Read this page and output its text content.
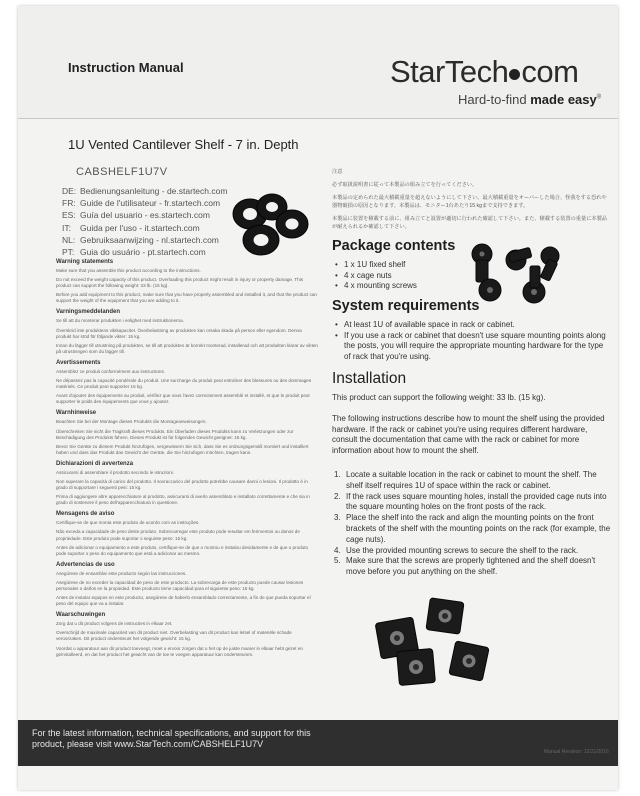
Instruction Manual	StarTech com
Hard-to-find made easy®
1U Vented Cantilever Shelf - 7 in. Depth
CABSHELF1U7V
DE: Bedienungsanleitung - de.startech.com
FR: Guide de l'utilisateur - fr.startech.com
ES: Guía del usuario - es.startech.com
IT: Guida per l'uso - it.startech.com
NL: Gebruiksaanwijzing - nl.startech.com
PT: Guia do usuário - pt.startech.com
Warning statements

Make sure that you assemble this product according to the instructions.

Do not exceed the weight capacity of this product. Overloading this product might result in injury or property damage. This product can support the following weight: 33 lb. (15 kg).

Before you add equipment to this product, make sure that you have properly assembled and installed it, and that the product can support the weight of the equipment that you are adding to it.

Varningsmeddelanden

Se till att du monterar produkten i enlighet med instruktionerna.

Överskrid inte produktens viktkapacitet. Överbelastning av produkten kan orsaka skada på person eller egendom. Denna produkt har stöd för följande vikter: 15 kg.

Innan du lägger till utrustning på produkten, se till att produkten är korrekt monterad, installerad och att produkten klarar av vikten på utrustningen som du lägger till.

Avertissements

Assemblez ce produit conformément aux instructions.

Ne dépassez pas la capacité pondérale du produit. Une surcharge du produit peut entraîner des blessures ou des dommages matériels. Ce produit peut supporter 15 kg.

Avant d'ajouter des équipements au produit, vérifiez que vous l'avez correctement assemblé et installé, et que le produit peut supporter le poids des équipements que vous y ajoutez.

Warnhinweise

Beachten Sie bei der Montage dieses Produkts die Montageanweisungen.

Überschreiten Sie nicht die Tragkraft dieses Produkts. Ein Überladen dieses Produkts kann zu Verletzungen oder zur Beschädigung des Produkts führen. Dieses Produkt ist für folgendes Gewicht geeignet: 15 kg.

Bevor Sie Geräte zu diesem Produkt hinzufügen, vergewissern Sie sich, dass Sie es ordnungsgemäß montiert und installiert haben und dass das Produkt das Gewicht der Geräte, die Sie hinzufügen möchten, tragen kann.

Dichiarazioni di avvertenza

Assicurarsi di assemblare il prodotto secondo le istruzioni.

Non superare la capacità di carico del prodotto. Il sovraccarico del prodotto potrebbe causare danni o lesioni. Il prodotto è in grado di supportare i seguenti pesi: 15 kg.

Prima di aggiungere altre apparecchiature al prodotto, assicurarsi di averlo assemblato e installato correttamente e che sia in grado di sostenere il peso dell'apparecchiatura in questione.

Mensagens de aviso

Certifique-se de que monta este produto de acordo com as instruções.

Não exceda a capacidade de peso deste produto. Sobrecarregar este produto pode resultar em ferimentos ou danos de propriedade. Este produto pode suportar o seguinte peso: 15 kg.

Antes de adicionar o equipamento a este produto, certifique-se de que o montou e instalou devidamente e de que o produto pode suportar o peso do equipamento que está a adicionar ao mesmo.

Advertencias de uso

Asegúrese de ensamblar este producto según las instrucciones.

Asegúrese de no exceder la capacidad de peso de este producto. La sobrecarga de este producto puede causar lesiones personales o daños en la propiedad. Este producto tiene capacidad para el siguiente peso: 15 kg.

Antes de instalar equipos en este producto, asegúrese de haberlo ensamblado correctamente, a fin de que pueda soportar el peso del equipo que va a instalar.

Waarschuwingen

Zorg dat u dit product volgens de instructies in elkaar zet.

Overschrijd de maximale capaciteit van dit product niet. Overbelasting van dit product kan letsel of materiële schade veroorzaken. Dit product ondersteunt het volgende gewicht: 15 kg.

Voordat u apparatuur aan dit product toevoegt, moet u ervoor zorgen dat u het op de juiste manier in elkaar hebt gezet en geïnstalleerd, en dat het product het gewicht van de toe te voegen apparatuur kan ondersteunen.

注意

必ず取扱説明書に従って本製品の組み立てを行ってください。

本製品の定められた最大積載重量を超えないようにして下さい。最大積載重量をオーバーした場合、怪我をする恐れや器物破損の原因となります。本製品は、モニター1台あたり15 kgまで支持できます。

本製品に装置を積載する前に、組み立てと設置が適切に行われた確認して下さい。また、積載する装置の重量に本製品が耐えられるか確認して下さい。

Package contents
• 1 x 1U fixed shelf
• 4 x cage nuts
• 4 x mounting screws
System requirements
• At least 1U of available space in rack or cabinet.
• If you use a rack or cabinet that doesn't use square mounting points along the posts, you will require the appropriate mounting hardware for the type of rack that you're using.
Installation

This product can support the following weight: 33 lb. (15 kg).

The following instructions describe how to mount the shelf using the provided hardware. If the rack or cabinet you're using requires different hardware, consult the documentation that came with the rack or cabinet for more information about how to mount the shelf.

1. Locate a suitable location in the rack or cabinet to mount the shelf. The shelf itself requires 1U of space within the rack or cabinet.
2. If the rack uses square mounting holes, install the provided cage nuts into the square mounting holes on the front posts of the rack.
3. Place the shelf into the rack and align the mounting points on the front brackets of the shelf with the mounting points on the rack (for example, the cage nuts).
4. Use the provided mounting screws to secure the shelf to the rack.
5. Make sure that the screws are properly tightened and the shelf doesn't move before you put anything on the shelf.
For the latest information, technical specifications, and support for this product, please visit www.StarTech.com/CABSHELF1U7V
Manual Revision: 12/21/2016
